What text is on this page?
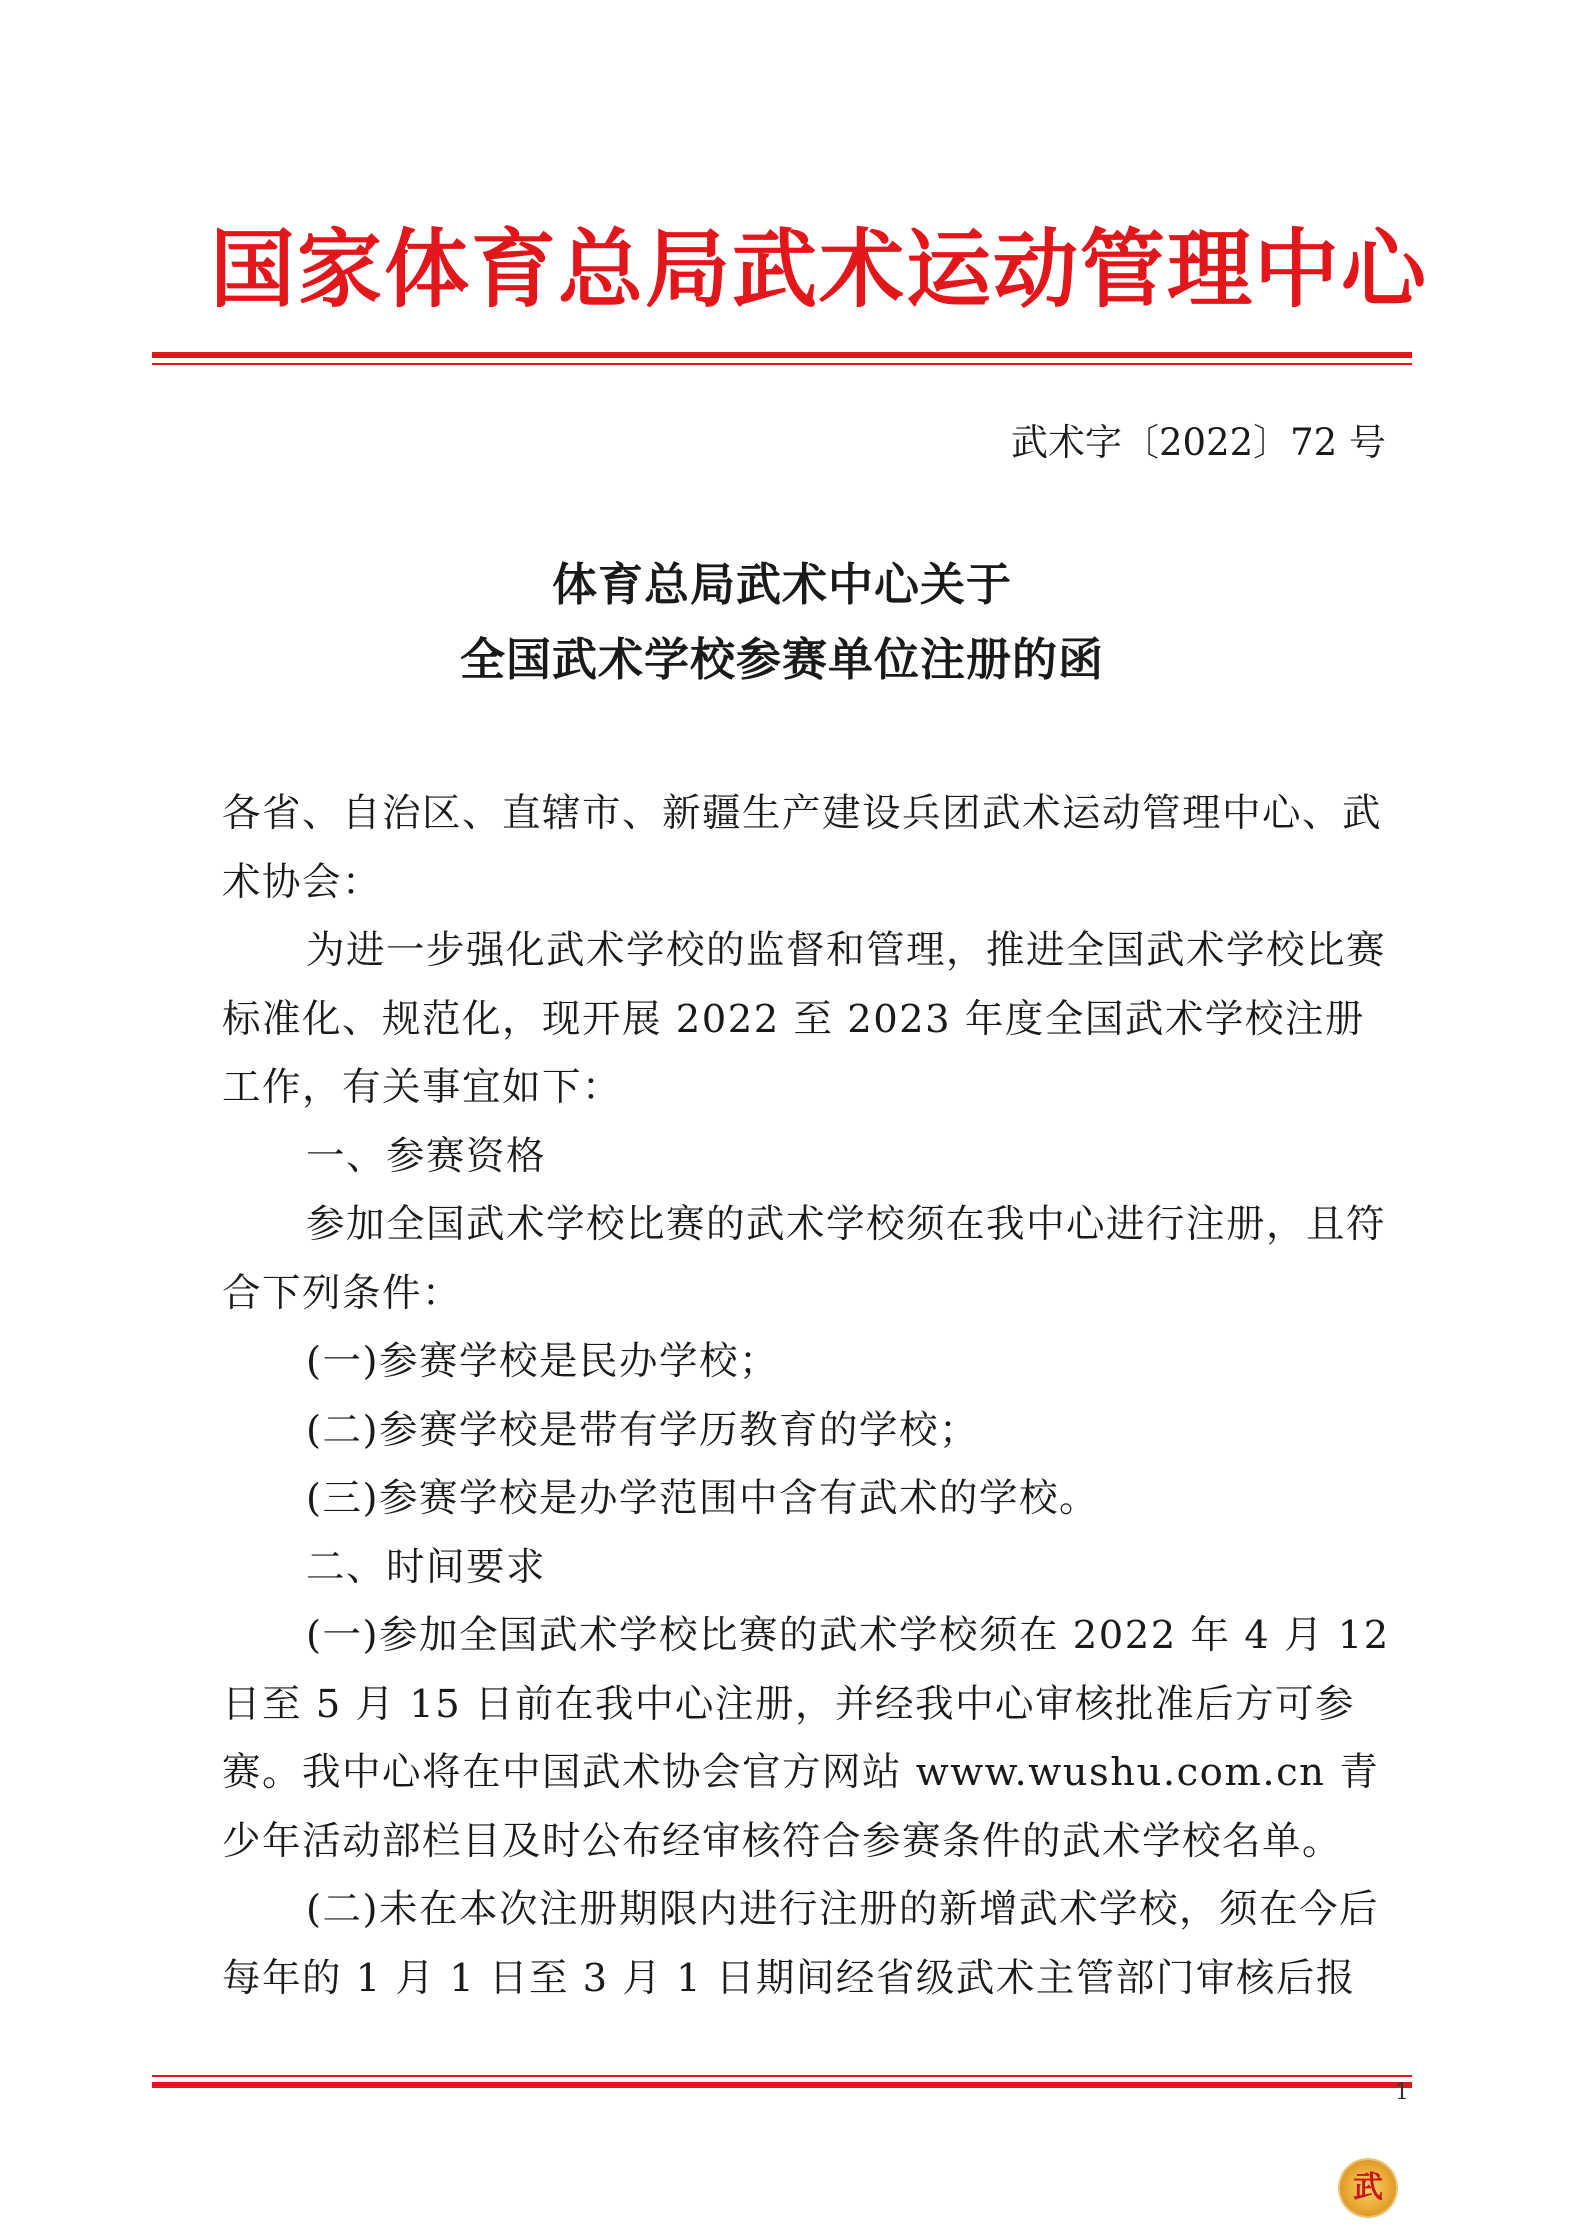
国家体育总局武术运动管理中心
武术字〔2022〕72 号
体育总局武术中心关于
全国武术学校参赛单位注册的函

各省、自治区、直辖市、新疆生产建设兵团武术运动管理中心、武术协会：

为进一步强化武术学校的监督和管理，推进全国武术学校比赛标准化、规范化，现开展 2022 至 2023 年度全国武术学校注册工作，有关事宜如下：

一、参赛资格

参加全国武术学校比赛的武术学校须在我中心进行注册，且符合下列条件：

(一)参赛学校是民办学校；

(二)参赛学校是带有学历教育的学校；

(三)参赛学校是办学范围中含有武术的学校。

二、时间要求

(一)参加全国武术学校比赛的武术学校须在 2022 年 4 月 12 日至 5 月 15 日前在我中心注册，并经我中心审核批准后方可参赛。我中心将在中国武术协会官方网站 www.wushu.com.cn 青少年活动部栏目及时公布经审核符合参赛条件的武术学校名单。

(二)未在本次注册期限内进行注册的新增武术学校，须在今后每年的 1 月 1 日至 3 月 1 日期间经省级武术主管部门审核后报

1
武
